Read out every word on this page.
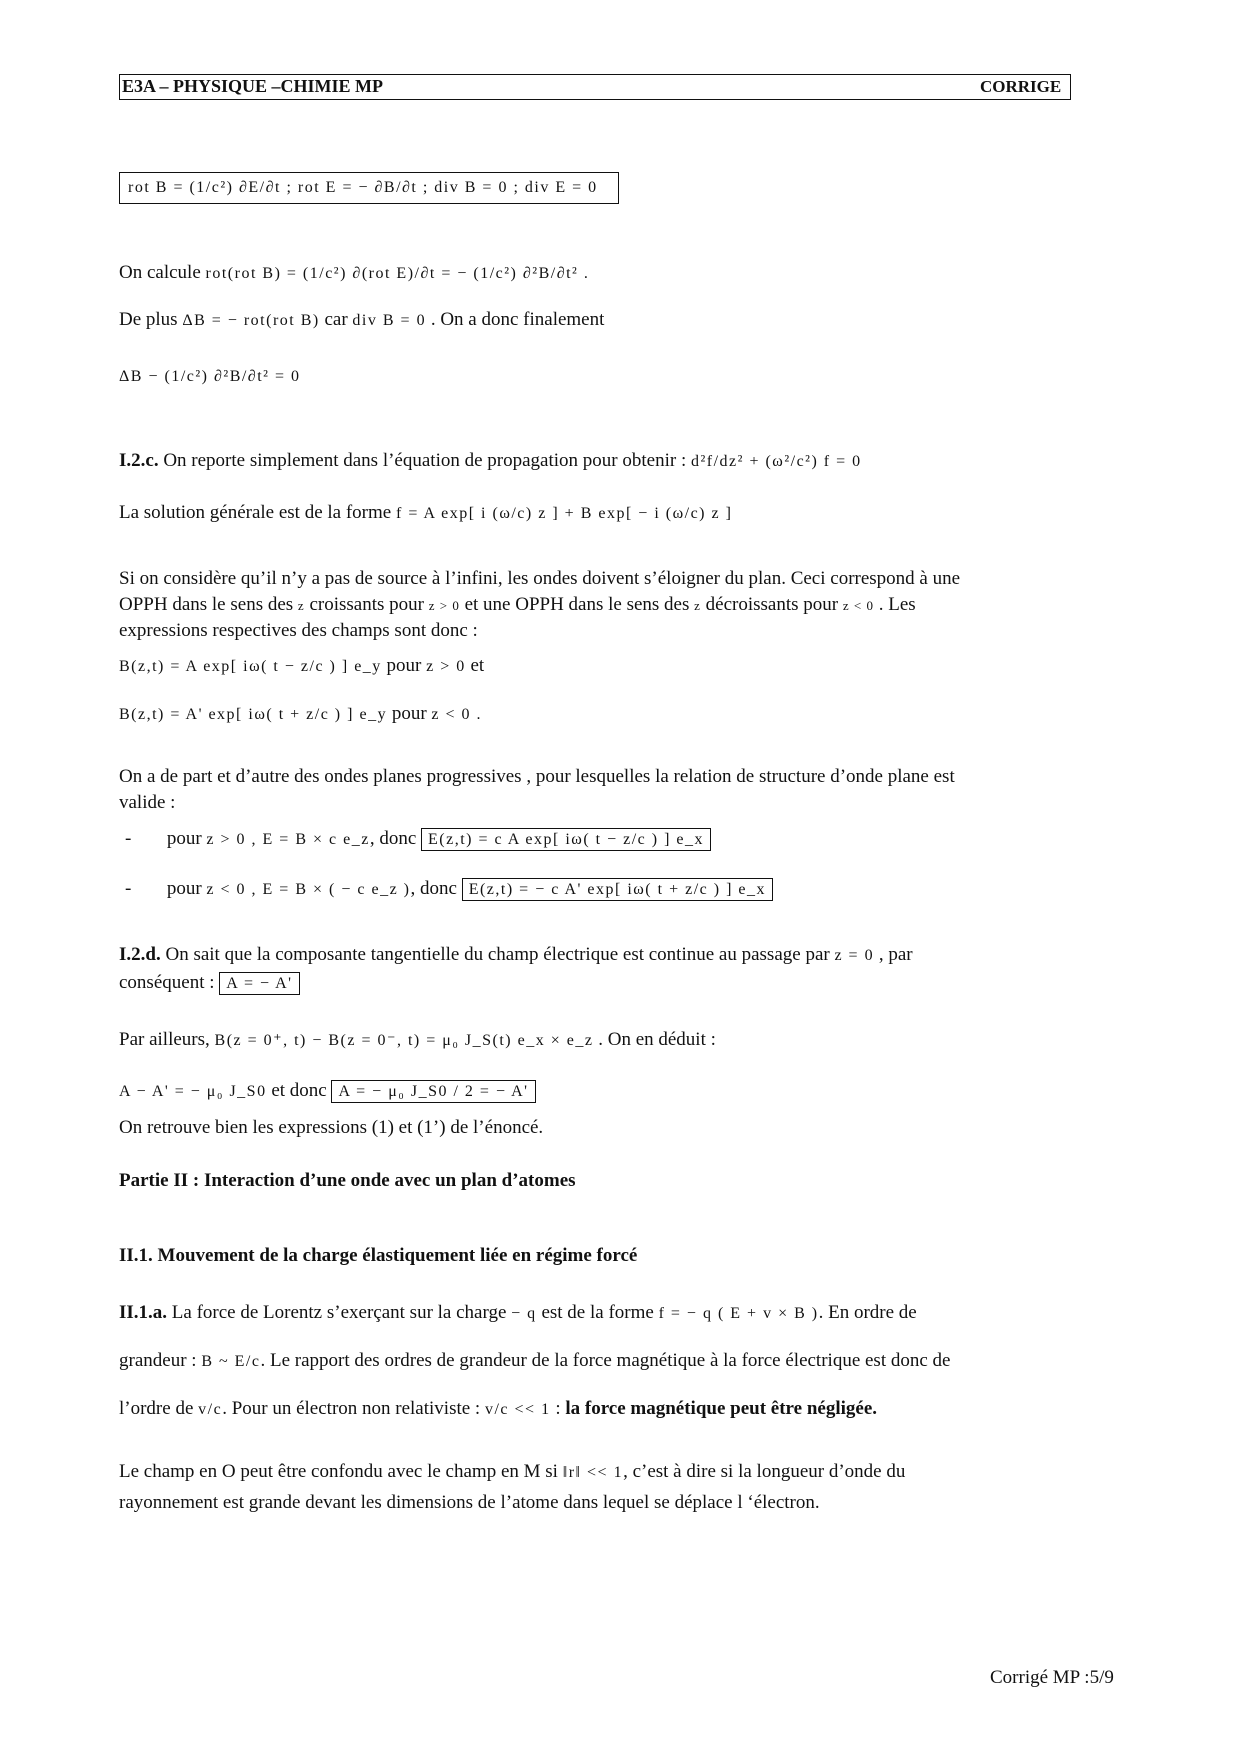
E3A – PHYSIQUE –CHIMIE MP	CORRIGE
rot B = (1/c²) ∂E/∂t ; rot E = − ∂B/∂t ; div B = 0 ; div E = 0
On calcule rot(rot B) = (1/c²) ∂(rot E)/∂t = − (1/c²) ∂²B/∂t² .
De plus ΔB = − rot(rot B) car div B = 0 . On a donc finalement
ΔB − (1/c²) ∂²B/∂t² = 0
I.2.c. On reporte simplement dans l’équation de propagation pour obtenir : d²f/dz² + (ω²/c²) f = 0
La solution générale est de la forme f = A exp[ i (ω/c) z ] + B exp[ − i (ω/c) z ]
Si on considère qu’il n’y a pas de source à l’infini, les ondes doivent s’éloigner du plan. Ceci correspond à une
OPPH dans le sens des z croissants pour z > 0 et une OPPH dans le sens des z décroissants pour z < 0 . Les
expressions respectives des champs sont donc :
B(z,t) = A exp[ iω( t − z/c ) ] e_y pour z > 0 et
B(z,t) = A' exp[ iω( t + z/c ) ] e_y pour z < 0 .
On a de part et d’autre des ondes planes progressives , pour lesquelles la relation de structure d’onde plane est
valide :
- pour z > 0 , E = B × c e_z, donc E(z,t) = c A exp[ iω( t − z/c ) ] e_x
- pour z < 0 , E = B × ( − c e_z ), donc E(z,t) = − c A' exp[ iω( t + z/c ) ] e_x
I.2.d. On sait que la composante tangentielle du champ électrique est continue au passage par z = 0 , par
conséquent : A = − A'
Par ailleurs, B(z = 0⁺, t) − B(z = 0⁻, t) = μ₀ J_S(t) e_x × e_z . On en déduit :
A − A' = − μ₀ J_S0 et donc A = − μ₀ J_S0 / 2 = − A'
On retrouve bien les expressions (1) et (1’) de l’énoncé.
Partie II : Interaction d’une onde avec un plan d’atomes
II.1. Mouvement de la charge élastiquement liée en régime forcé
II.1.a. La force de Lorentz s’exerçant sur la charge − q est de la forme f = − q ( E + v × B ). En ordre de
grandeur : B ~ E/c. Le rapport des ordres de grandeur de la force magnétique à la force électrique est donc de
l’ordre de v/c. Pour un électron non relativiste : v/c << 1 : la force magnétique peut être négligée.
Le champ en O peut être confondu avec le champ en M si ‖r‖ << 1, c’est à dire si la longueur d’onde du
rayonnement est grande devant les dimensions de l’atome dans lequel se déplace l ‘électron.
Corrigé MP :5/9
